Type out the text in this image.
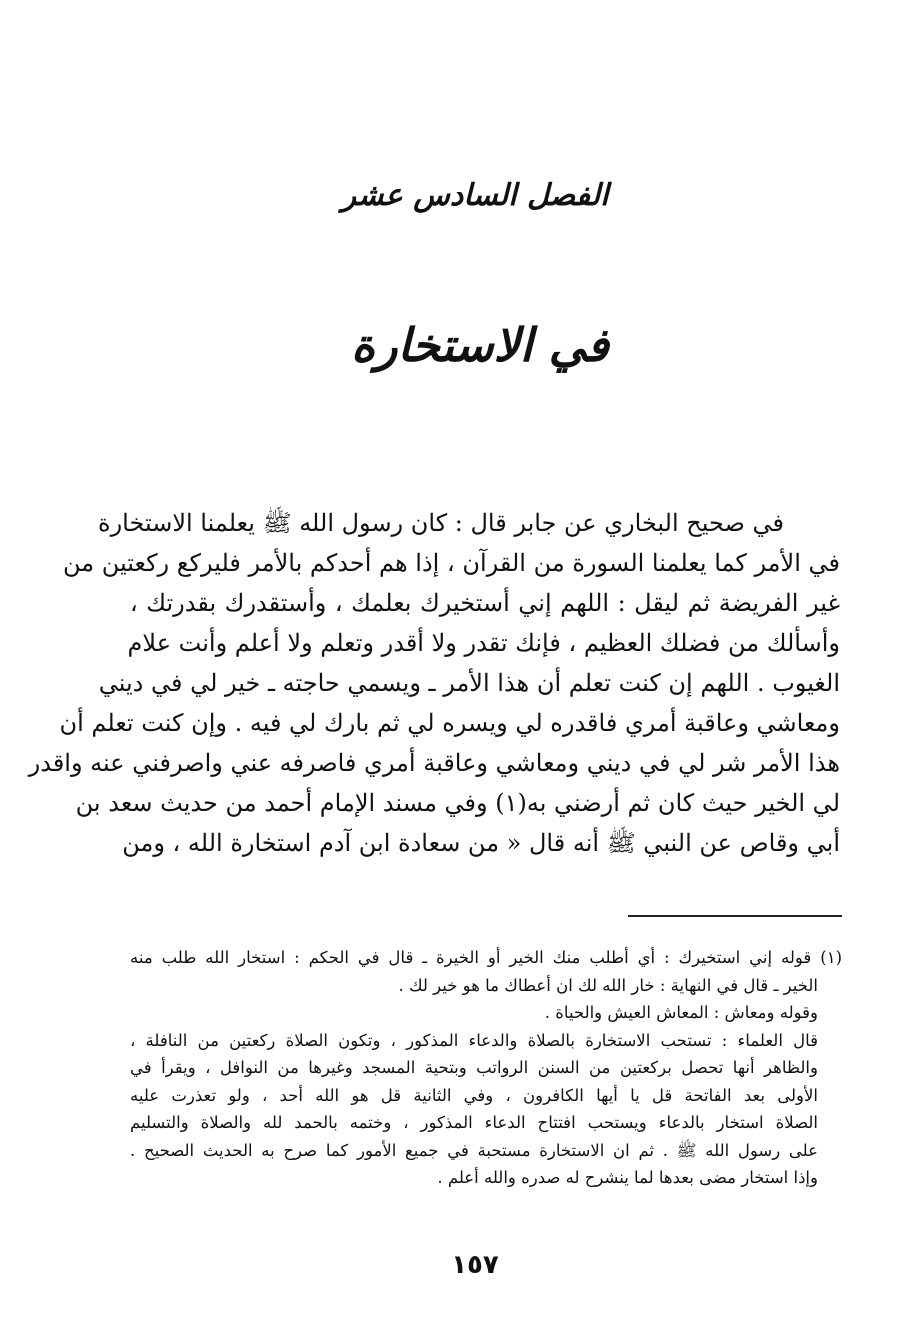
الفصل السادس عشر
في الاستخارة
في صحيح البخاري عن جابر قال : كان رسول الله ﷺ يعلمنا الاستخارة
في الأمر كما يعلمنا السورة من القرآن ، إذا هم أحدكم بالأمر فليركع ركعتين من
غير الفريضة ثم ليقل : اللهم إني أستخيرك بعلمك ، وأستقدرك بقدرتك ،
وأسألك من فضلك العظيم ، فإنك تقدر ولا أقدر وتعلم ولا أعلم وأنت علام
الغيوب . اللهم إن كنت تعلم أن هذا الأمر ـ ويسمي حاجته ـ خير لي في ديني
ومعاشي وعاقبة أمري فاقدره لي ويسره لي ثم بارك لي فيه . وإن كنت تعلم أن
هذا الأمر شر لي في ديني ومعاشي وعاقبة أمري فاصرفه عني واصرفني عنه واقدر
لي الخير حيث كان ثم أرضني به(١) وفي مسند الإمام أحمد من حديث سعد بن
أبي وقاص عن النبي ﷺ أنه قال « من سعادة ابن آدم استخارة الله ، ومن
(١) قوله إني استخيرك : أي أطلب منك الخير أو الخيرة ـ قال في الحكم : استخار الله طلب منه
الخير ـ قال في النهاية : خار الله لك ان أعطاك ما هو خير لك .
وقوله ومعاش : المعاش العيش والحياة .
قال العلماء : تستحب الاستخارة بالصلاة والدعاء المذكور ، وتكون الصلاة ركعتين من النافلة ،
والظاهر أنها تحصل بركعتين من السنن الرواتب وبتحية المسجد وغيرها من النوافل ، ويقرأ في
الأولى بعد الفاتحة قل يا أيها الكافرون ، وفي الثانية قل هو الله أحد ، ولو تعذرت عليه
الصلاة استخار بالدعاء ويستحب افتتاح الدعاء المذكور ، وختمه بالحمد لله والصلاة والتسليم
على رسول الله ﷺ . ثم ان الاستخارة مستحبة في جميع الأمور كما صرح به الحديث الصحيح .
وإذا استخار مضى بعدها لما ينشرح له صدره والله أعلم .
١٥٧
